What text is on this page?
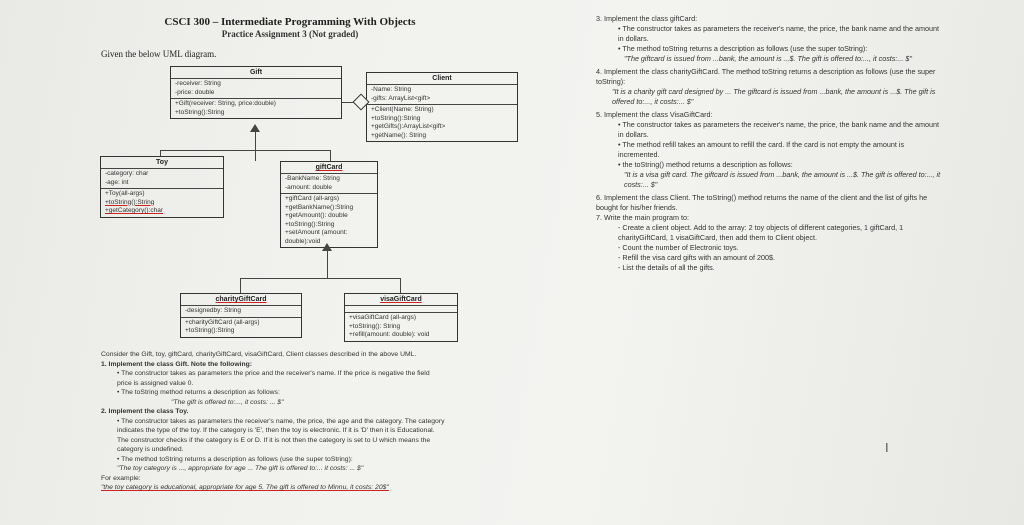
CSCI 300 – Intermediate Programming With Objects
Practice Assignment 3 (Not graded)
Given the below UML diagram.
Gift
-receiver: String
-price: double
+Gift(receiver: String, price:double)
+toString():String
Client
-Name: String
-gifts: ArrayList<gift>
+Client(Name: String)
+toString():String
+getGifts():ArrayList<gift>
+getName(): String
Toy
-category: char
-age: int
+Toy(all-args)
+toString():String
+getCategory():char
giftCard
-BankName: String
-amount: double
+giftCard (all-args)
+getBankName():String
+getAmount(): double
+toString():String
+setAmount (amount: double):void
charityGiftCard
-designedby: String
+charityGiftCard (all-args)
+toString():String
visaGiftCard
+visaGiftCard (all-args)
+toString(): String
+refill(amount: double): void
Consider the Gift, toy, giftCard, charityGiftCard, visaGiftCard, Client classes described in the above UML.
1. Implement the class Gift. Note the following:
• The constructor takes as parameters the price and the receiver's name. If the price is negative the field price is assigned value 0.
• The toString method returns a description as follows:
"The gift is offered to:..., it costs: ... $"
2. Implement the class Toy.
• The constructor takes as parameters the receiver's name, the price, the age and the category. The category indicates the type of the toy. If the category is 'E', then the toy is electronic. If it is 'D' then it is Educational. The constructor checks if the category is E or D. If it is not then the category is set to U which means the category is undefined.
• The method toString returns a description as follows (use the super toString):
"The toy category is ..., appropriate for age ... The gift is offered to:... it costs: ... $"
For example:
"the toy category is educational, appropriate for age 5. The gift is offered to Minnu, it costs: 20$"
3. Implement the class giftCard:
• The constructor takes as parameters the receiver's name, the price, the bank name and the amount in dollars.
• The method toString returns a description as follows (use the super toString):
"The giftcard is issued from ...bank, the amount is ...$. The gift is offered to:..., it costs:... $"
4. Implement the class charityGiftCard. The method toString returns a description as follows (use the super toString):
"It is a charity gift card designed by ... The giftcard is issued from ...bank, the amount is ...$. The gift is offered to:..., it costs:... $"
5. Implement the class VisaGiftCard:
• The constructor takes as parameters the receiver's name, the price, the bank name and the amount in dollars.
• The method refill takes an amount to refill the card. If the card is not empty the amount is incremented.
• the toString() method returns a description as follows:
"It is a visa gift card. The giftcard is issued from ...bank, the amount is ...$. The gift is offered to:..., it costs:... $"
6. Implement the class Client. The toString() method returns the name of the client and the list of gifts he bought for his/her friends.
7. Write the main program to:
- Create a client object. Add to the array: 2 toy objects of different categories, 1 giftCard, 1 charityGiftCard, 1 visaGiftCard, then add them to Client object.
- Count the number of Electronic toys.
- Refill the visa card gifts with an amount of 200$.
- List the details of all the gifts.
I
